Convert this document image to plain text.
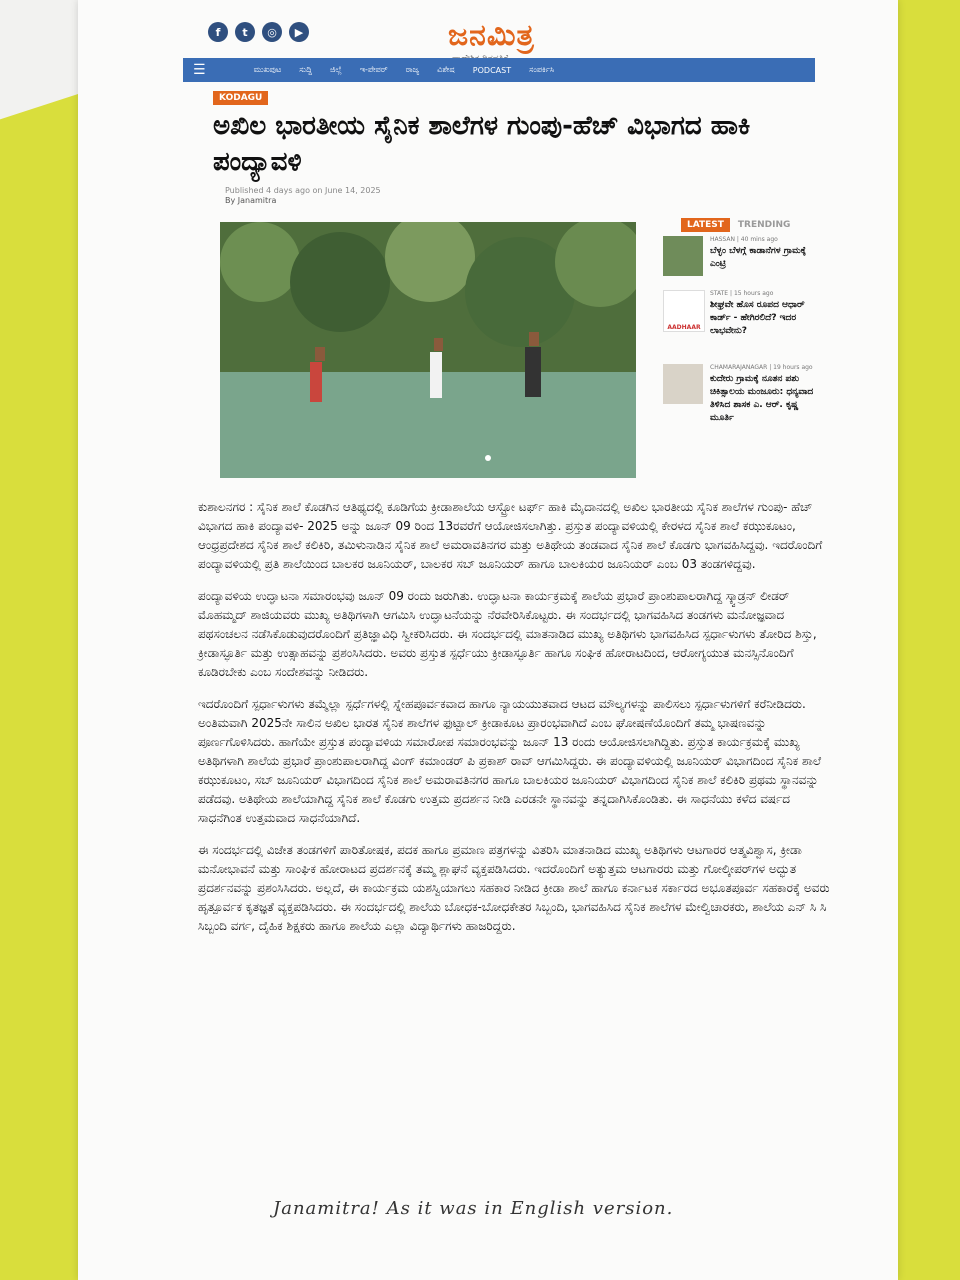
f	t	◎	▶	ಜನಮಿತ್ರ
☰	ಮುಖಪುಟ ಸುದ್ದಿ ಜಿಲ್ಲೆ ಇ-ಪೇಪರ್ ರಾಜ್ಯ ವಿಶೇಷ PODCAST ಸಂಪರ್ಕಿಸಿ
KODAGU
ಅಖಿಲ ಭಾರತೀಯ ಸೈನಿಕ ಶಾಲೆಗಳ ಗುಂಪು-ಹೆಚ್ ವಿಭಾಗದ ಹಾಕಿ ಪಂದ್ಯಾವಳಿ
Published 4 days ago on June 14, 2025
By Janamitra
LATEST	TRENDING
HASSAN | 40 mins ago
ಬೆಳ್ಳಂ ಬೆಳಗ್ಗೆ ಕಾಡಾನೆಗಳ ಗ್ರಾಮಕ್ಕೆ ಎಂಟ್ರಿ
AADHAAR
STATE | 15 hours ago
ಶೀಘ್ರವೇ ಹೊಸ ರೂಪದ ಆಧಾರ್ ಕಾರ್ಡ್ - ಹೇಗಿರಲಿದೆ? ಇದರ ಲಾಭವೇನು?
CHAMARAJANAGAR | 19 hours ago
ಕುದೇರು ಗ್ರಾಮಕ್ಕೆ ನೂತನ ಪಶು ಚಿಕಿತ್ಸಾಲಯ ಮಂಜೂರು: ಧನ್ಯವಾದ ತಿಳಿಸಿದ ಶಾಸಕ ಎ. ಆರ್. ಕೃಷ್ಣ ಮೂರ್ತಿ

ಕುಶಾಲನಗರ : ಸೈನಿಕ ಶಾಲೆ ಕೊಡಗಿನ ಆತಿಥ್ಯದಲ್ಲಿ ಕೂಡಿಗೆಯ ಕ್ರೀಡಾಶಾಲೆಯ ಆಸ್ಟ್ರೋ ಟರ್ಫ್ ಹಾಕಿ ಮೈದಾನದಲ್ಲಿ ಅಖಿಲ ಭಾರತೀಯ ಸೈನಿಕ ಶಾಲೆಗಳ ಗುಂಪು- ಹೆಚ್ ವಿಭಾಗದ ಹಾಕಿ ಪಂದ್ಯಾವಳಿ- 2025 ಅನ್ನು ಜೂನ್ 09 ರಿಂದ 13ರವರೆಗೆ ಆಯೋಜಿಸಲಾಗಿತ್ತು. ಪ್ರಸ್ತುತ ಪಂದ್ಯಾವಳಿಯಲ್ಲಿ ಕೇರಳದ ಸೈನಿಕ ಶಾಲೆ ಕಝುಕೂಟಂ, ಆಂಧ್ರಪ್ರದೇಶದ ಸೈನಿಕ ಶಾಲೆ ಕಲಿಕಿರಿ, ತಮಿಳುನಾಡಿನ ಸೈನಿಕ ಶಾಲೆ ಅಮರಾವತಿನಗರ ಮತ್ತು ಅತಿಥೇಯ ತಂಡವಾದ ಸೈನಿಕ ಶಾಲೆ ಕೊಡಗು ಭಾಗವಹಿಸಿದ್ದವು. ಇದರೊಂದಿಗೆ ಪಂದ್ಯಾವಳಿಯಲ್ಲಿ ಪ್ರತಿ ಶಾಲೆಯಿಂದ ಬಾಲಕರ ಜೂನಿಯರ್, ಬಾಲಕರ ಸಬ್ ಜೂನಿಯರ್ ಹಾಗೂ ಬಾಲಕಿಯರ ಜೂನಿಯರ್ ಎಂಬ 03 ತಂಡಗಳಿದ್ದವು.

ಪಂದ್ಯಾವಳಿಯ ಉದ್ಘಾಟನಾ ಸಮಾರಂಭವು ಜೂನ್ 09 ರಂದು ಜರುಗಿತು. ಉದ್ಘಾಟನಾ ಕಾರ್ಯಕ್ರಮಕ್ಕೆ ಶಾಲೆಯ ಪ್ರಭಾರೆ ಪ್ರಾಂಶುಪಾಲರಾಗಿದ್ದ ಸ್ಕ್ವಾಡ್ರನ್ ಲೀಡರ್ ಮೊಹಮ್ಮದ್ ಶಾಜಿಯವರು ಮುಖ್ಯ ಅತಿಥಿಗಳಾಗಿ ಆಗಮಿಸಿ ಉದ್ಘಾಟನೆಯನ್ನು ನೆರವೇರಿಸಿಕೊಟ್ಟರು. ಈ ಸಂದರ್ಭದಲ್ಲಿ ಭಾಗವಹಿಸಿದ ತಂಡಗಳು ಮನೋಜ್ಞವಾದ ಪಥಸಂಚಲನ ನಡೆಸಿಕೊಡುವುದರೊಂದಿಗೆ ಪ್ರತಿಜ್ಞಾವಿಧಿ ಸ್ವೀಕರಿಸಿದರು. ಈ ಸಂದರ್ಭದಲ್ಲಿ ಮಾತನಾಡಿದ ಮುಖ್ಯ ಅತಿಥಿಗಳು ಭಾಗವಹಿಸಿದ ಸ್ಪರ್ಧಾಳುಗಳು ತೋರಿದ ಶಿಸ್ತು, ಕ್ರೀಡಾಸ್ಫೂರ್ತಿ ಮತ್ತು ಉತ್ಸಾಹವನ್ನು ಪ್ರಶಂಸಿಸಿದರು. ಅವರು ಪ್ರಸ್ತುತ ಸ್ಪರ್ಧೆಯು ಕ್ರೀಡಾಸ್ಫೂರ್ತಿ ಹಾಗೂ ಸಂಘಿಕ ಹೋರಾಟದಿಂದ, ಆರೋಗ್ಯಯುತ ಮನಸ್ಸಿನೊಂದಿಗೆ ಕೂಡಿರಬೇಕು ಎಂಬ ಸಂದೇಶವನ್ನು ನೀಡಿದರು.

ಇದರೊಂದಿಗೆ ಸ್ಪರ್ಧಾಳುಗಳು ತಮ್ಮೆಲ್ಲಾ ಸ್ಪರ್ಧೆಗಳಲ್ಲಿ ಸ್ನೇಹಪೂರ್ವಕವಾದ ಹಾಗೂ ನ್ಯಾಯಯುತವಾದ ಆಟದ ಮೌಲ್ಯಗಳನ್ನು ಪಾಲಿಸಲು ಸ್ಪರ್ಧಾಳುಗಳಿಗೆ ಕರೆನೀಡಿದರು. ಅಂತಿಮವಾಗಿ 2025ನೇ ಸಾಲಿನ ಅಖಿಲ ಭಾರತ ಸೈನಿಕ ಶಾಲೆಗಳ ಫುಟ್ಬಾಲ್ ಕ್ರೀಡಾಕೂಟ ಪ್ರಾರಂಭವಾಗಿದೆ ಎಂಬ ಘೋಷಣೆಯೊಂದಿಗೆ ತಮ್ಮ ಭಾಷಣವನ್ನು ಪೂರ್ಣಗೊಳಿಸಿದರು. ಹಾಗೆಯೇ ಪ್ರಸ್ತುತ ಪಂದ್ಯಾವಳಿಯ ಸಮಾರೋಪ ಸಮಾರಂಭವನ್ನು ಜೂನ್ 13 ರಂದು ಆಯೋಜಿಸಲಾಗಿದ್ದಿತು. ಪ್ರಸ್ತುತ ಕಾರ್ಯಕ್ರಮಕ್ಕೆ ಮುಖ್ಯ ಅತಿಥಿಗಳಾಗಿ ಶಾಲೆಯ ಪ್ರಭಾರೆ ಪ್ರಾಂಶುಪಾಲರಾಗಿದ್ದ ವಿಂಗ್ ಕಮಾಂಡರ್ ಪಿ ಪ್ರಕಾಶ್ ರಾವ್ ಆಗಮಿಸಿದ್ದರು. ಈ ಪಂದ್ಯಾವಳಿಯಲ್ಲಿ ಜೂನಿಯರ್ ವಿಭಾಗದಿಂದ ಸೈನಿಕ ಶಾಲೆ ಕಝುಕೂಟಂ, ಸಬ್ ಜೂನಿಯರ್ ವಿಭಾಗದಿಂದ ಸೈನಿಕ ಶಾಲೆ ಅಮರಾವತಿನಗರ ಹಾಗೂ ಬಾಲಕಿಯರ ಜೂನಿಯರ್ ವಿಭಾಗದಿಂದ ಸೈನಿಕ ಶಾಲೆ ಕಲಿಕಿರಿ ಪ್ರಥಮ ಸ್ಥಾನವನ್ನು ಪಡೆದವು. ಅತಿಥೇಯ ಶಾಲೆಯಾಗಿದ್ದ ಸೈನಿಕ ಶಾಲೆ ಕೊಡಗು ಉತ್ತಮ ಪ್ರದರ್ಶನ ನೀಡಿ ಎರಡನೇ ಸ್ಥಾನವನ್ನು ತನ್ನದಾಗಿಸಿಕೊಂಡಿತು. ಈ ಸಾಧನೆಯು ಕಳೆದ ವರ್ಷದ ಸಾಧನೆಗಿಂತ ಉತ್ತಮವಾದ ಸಾಧನೆಯಾಗಿದೆ.

ಈ ಸಂದರ್ಭದಲ್ಲಿ ವಿಜೇತ ತಂಡಗಳಿಗೆ ಪಾರಿತೋಷಕ, ಪದಕ ಹಾಗೂ ಪ್ರಮಾಣ ಪತ್ರಗಳನ್ನು ವಿತರಿಸಿ ಮಾತನಾಡಿದ ಮುಖ್ಯ ಅತಿಥಿಗಳು ಆಟಗಾರರ ಆತ್ಮವಿಶ್ವಾಸ, ಕ್ರೀಡಾ ಮನೋಭಾವನೆ ಮತ್ತು ಸಾಂಘಿಕ ಹೋರಾಟದ ಪ್ರದರ್ಶನಕ್ಕೆ ತಮ್ಮ ಶ್ಲಾಘನೆ ವ್ಯಕ್ತಪಡಿಸಿದರು. ಇದರೊಂದಿಗೆ ಅತ್ಯುತ್ತಮ ಆಟಗಾರರು ಮತ್ತು ಗೋಲ್ಕೀಪರ್‌ಗಳ ಅದ್ಭುತ ಪ್ರದರ್ಶನವನ್ನು ಪ್ರಶಂಸಿಸಿದರು. ಅಲ್ಲದೆ, ಈ ಕಾರ್ಯಕ್ರಮ ಯಶಸ್ವಿಯಾಗಲು ಸಹಕಾರ ನೀಡಿದ ಕ್ರೀಡಾ ಶಾಲೆ ಹಾಗೂ ಕರ್ನಾಟಕ ಸರ್ಕಾರದ ಅಭೂತಪೂರ್ವ ಸಹಕಾರಕ್ಕೆ ಅವರು ಹೃತ್ಪೂರ್ವಕ ಕೃತಜ್ಞತೆ ವ್ಯಕ್ತಪಡಿಸಿದರು. ಈ ಸಂದರ್ಭದಲ್ಲಿ ಶಾಲೆಯ ಬೋಧಕ-ಬೋಧಕೇತರ ಸಿಬ್ಬಂದಿ, ಭಾಗವಹಿಸಿದ ಸೈನಿಕ ಶಾಲೆಗಳ ಮೇಲ್ವಿಚಾರಕರು, ಶಾಲೆಯ ಎನ್ ಸಿ ಸಿ ಸಿಬ್ಬಂದಿ ವರ್ಗ, ದೈಹಿಕ ಶಿಕ್ಷಕರು ಹಾಗೂ ಶಾಲೆಯ ಎಲ್ಲಾ ವಿದ್ಯಾರ್ಥಿಗಳು ಹಾಜರಿದ್ದರು.

Janamitra! As it was in English version.
